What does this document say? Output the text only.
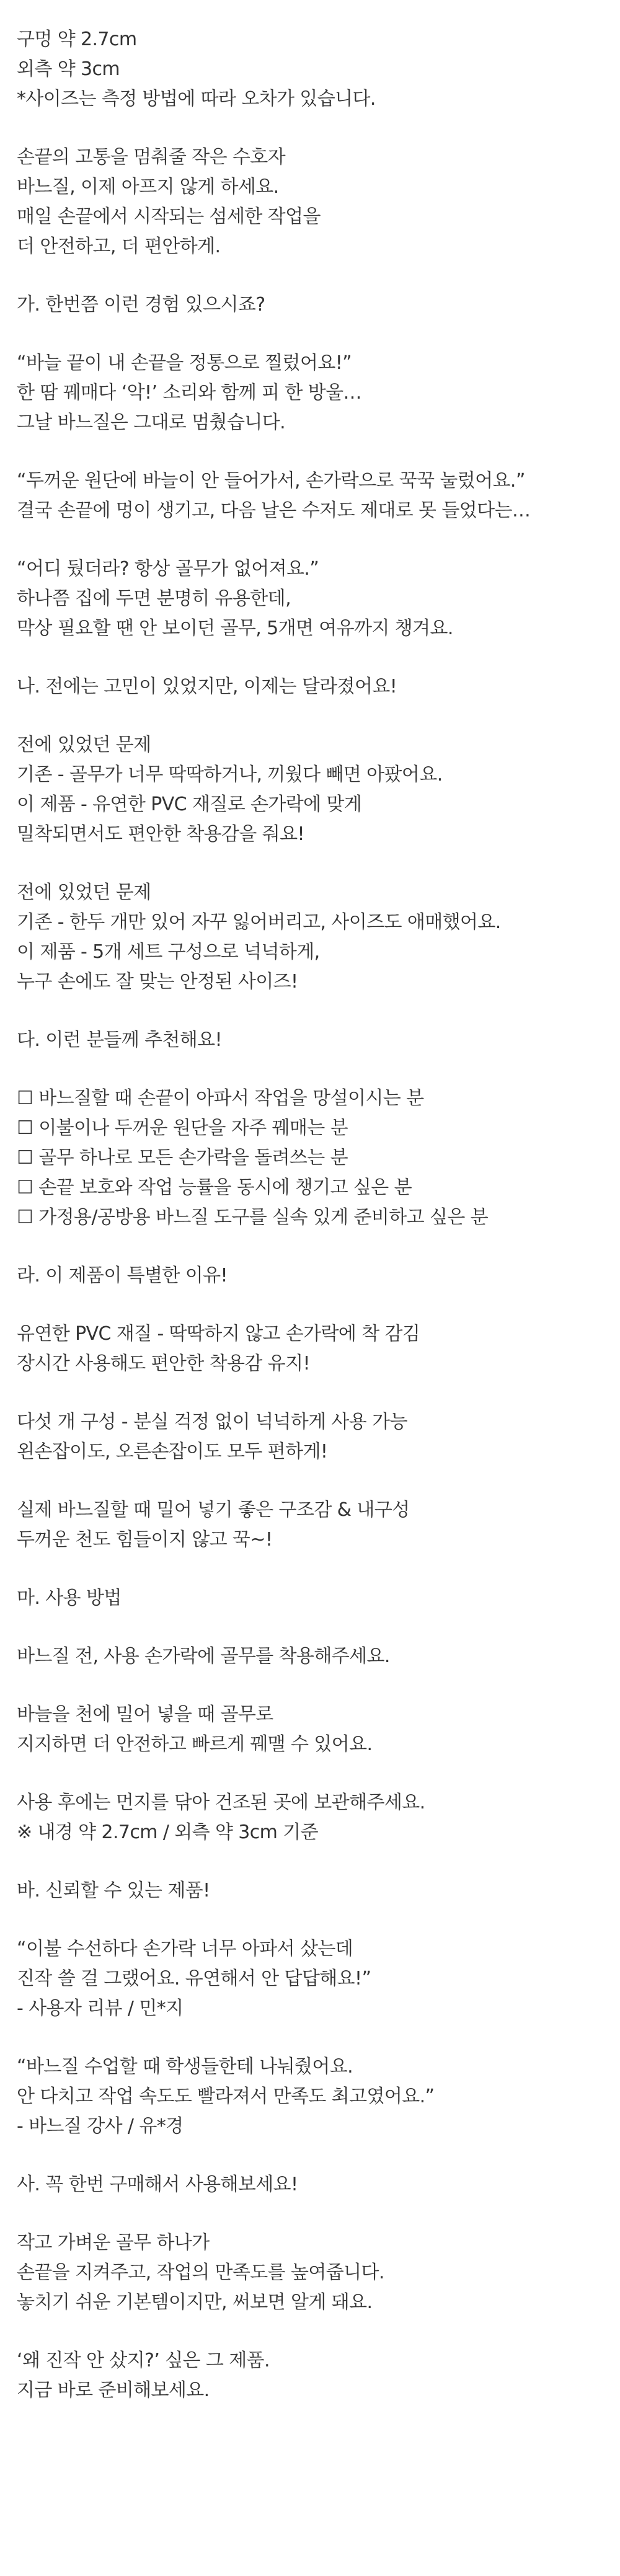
구멍 약 2.7cm
외측 약 3cm
*사이즈는 측정 방법에 따라 오차가 있습니다.
손끝의 고통을 멈춰줄 작은 수호자
바느질, 이제 아프지 않게 하세요.
매일 손끝에서 시작되는 섬세한 작업을
더 안전하고, 더 편안하게.
가. 한번쯤 이런 경험 있으시죠?
“바늘 끝이 내 손끝을 정통으로 찔렀어요!”
한 땀 꿰매다 ‘악!’ 소리와 함께 피 한 방울…
그날 바느질은 그대로 멈췄습니다.
“두꺼운 원단에 바늘이 안 들어가서, 손가락으로 꾹꾹 눌렀어요.”
결국 손끝에 멍이 생기고, 다음 날은 수저도 제대로 못 들었다는…
“어디 뒀더라? 항상 골무가 없어져요.”
하나쯤 집에 두면 분명히 유용한데,
막상 필요할 땐 안 보이던 골무, 5개면 여유까지 챙겨요.
나. 전에는 고민이 있었지만, 이제는 달라졌어요!
전에 있었던 문제
기존 - 골무가 너무 딱딱하거나, 끼웠다 빼면 아팠어요.
이 제품 - 유연한 PVC 재질로 손가락에 맞게
밀착되면서도 편안한 착용감을 줘요!
전에 있었던 문제
기존 - 한두 개만 있어 자꾸 잃어버리고, 사이즈도 애매했어요.
이 제품 - 5개 세트 구성으로 넉넉하게,
누구 손에도 잘 맞는 안정된 사이즈!
다. 이런 분들께 추천해요!
☐ 바느질할 때 손끝이 아파서 작업을 망설이시는 분
☐ 이불이나 두꺼운 원단을 자주 꿰매는 분
☐ 골무 하나로 모든 손가락을 돌려쓰는 분
☐ 손끝 보호와 작업 능률을 동시에 챙기고 싶은 분
☐ 가정용/공방용 바느질 도구를 실속 있게 준비하고 싶은 분
라. 이 제품이 특별한 이유!
유연한 PVC 재질 - 딱딱하지 않고 손가락에 착 감김
장시간 사용해도 편안한 착용감 유지!
다섯 개 구성 - 분실 걱정 없이 넉넉하게 사용 가능
왼손잡이도, 오른손잡이도 모두 편하게!
실제 바느질할 때 밀어 넣기 좋은 구조감 & 내구성
두꺼운 천도 힘들이지 않고 꾹~!
마. 사용 방법
바느질 전, 사용 손가락에 골무를 착용해주세요.
바늘을 천에 밀어 넣을 때 골무로
지지하면 더 안전하고 빠르게 꿰맬 수 있어요.
사용 후에는 먼지를 닦아 건조된 곳에 보관해주세요.
※ 내경 약 2.7cm / 외측 약 3cm 기준
바. 신뢰할 수 있는 제품!
“이불 수선하다 손가락 너무 아파서 샀는데
진작 쓸 걸 그랬어요. 유연해서 안 답답해요!”
- 사용자 리뷰 / 민*지
“바느질 수업할 때 학생들한테 나눠줬어요.
안 다치고 작업 속도도 빨라져서 만족도 최고였어요.”
- 바느질 강사 / 유*경
사. 꼭 한번 구매해서 사용해보세요!
작고 가벼운 골무 하나가
손끝을 지켜주고, 작업의 만족도를 높여줍니다.
놓치기 쉬운 기본템이지만, 써보면 알게 돼요.
‘왜 진작 안 샀지?’ 싶은 그 제품.
지금 바로 준비해보세요.
